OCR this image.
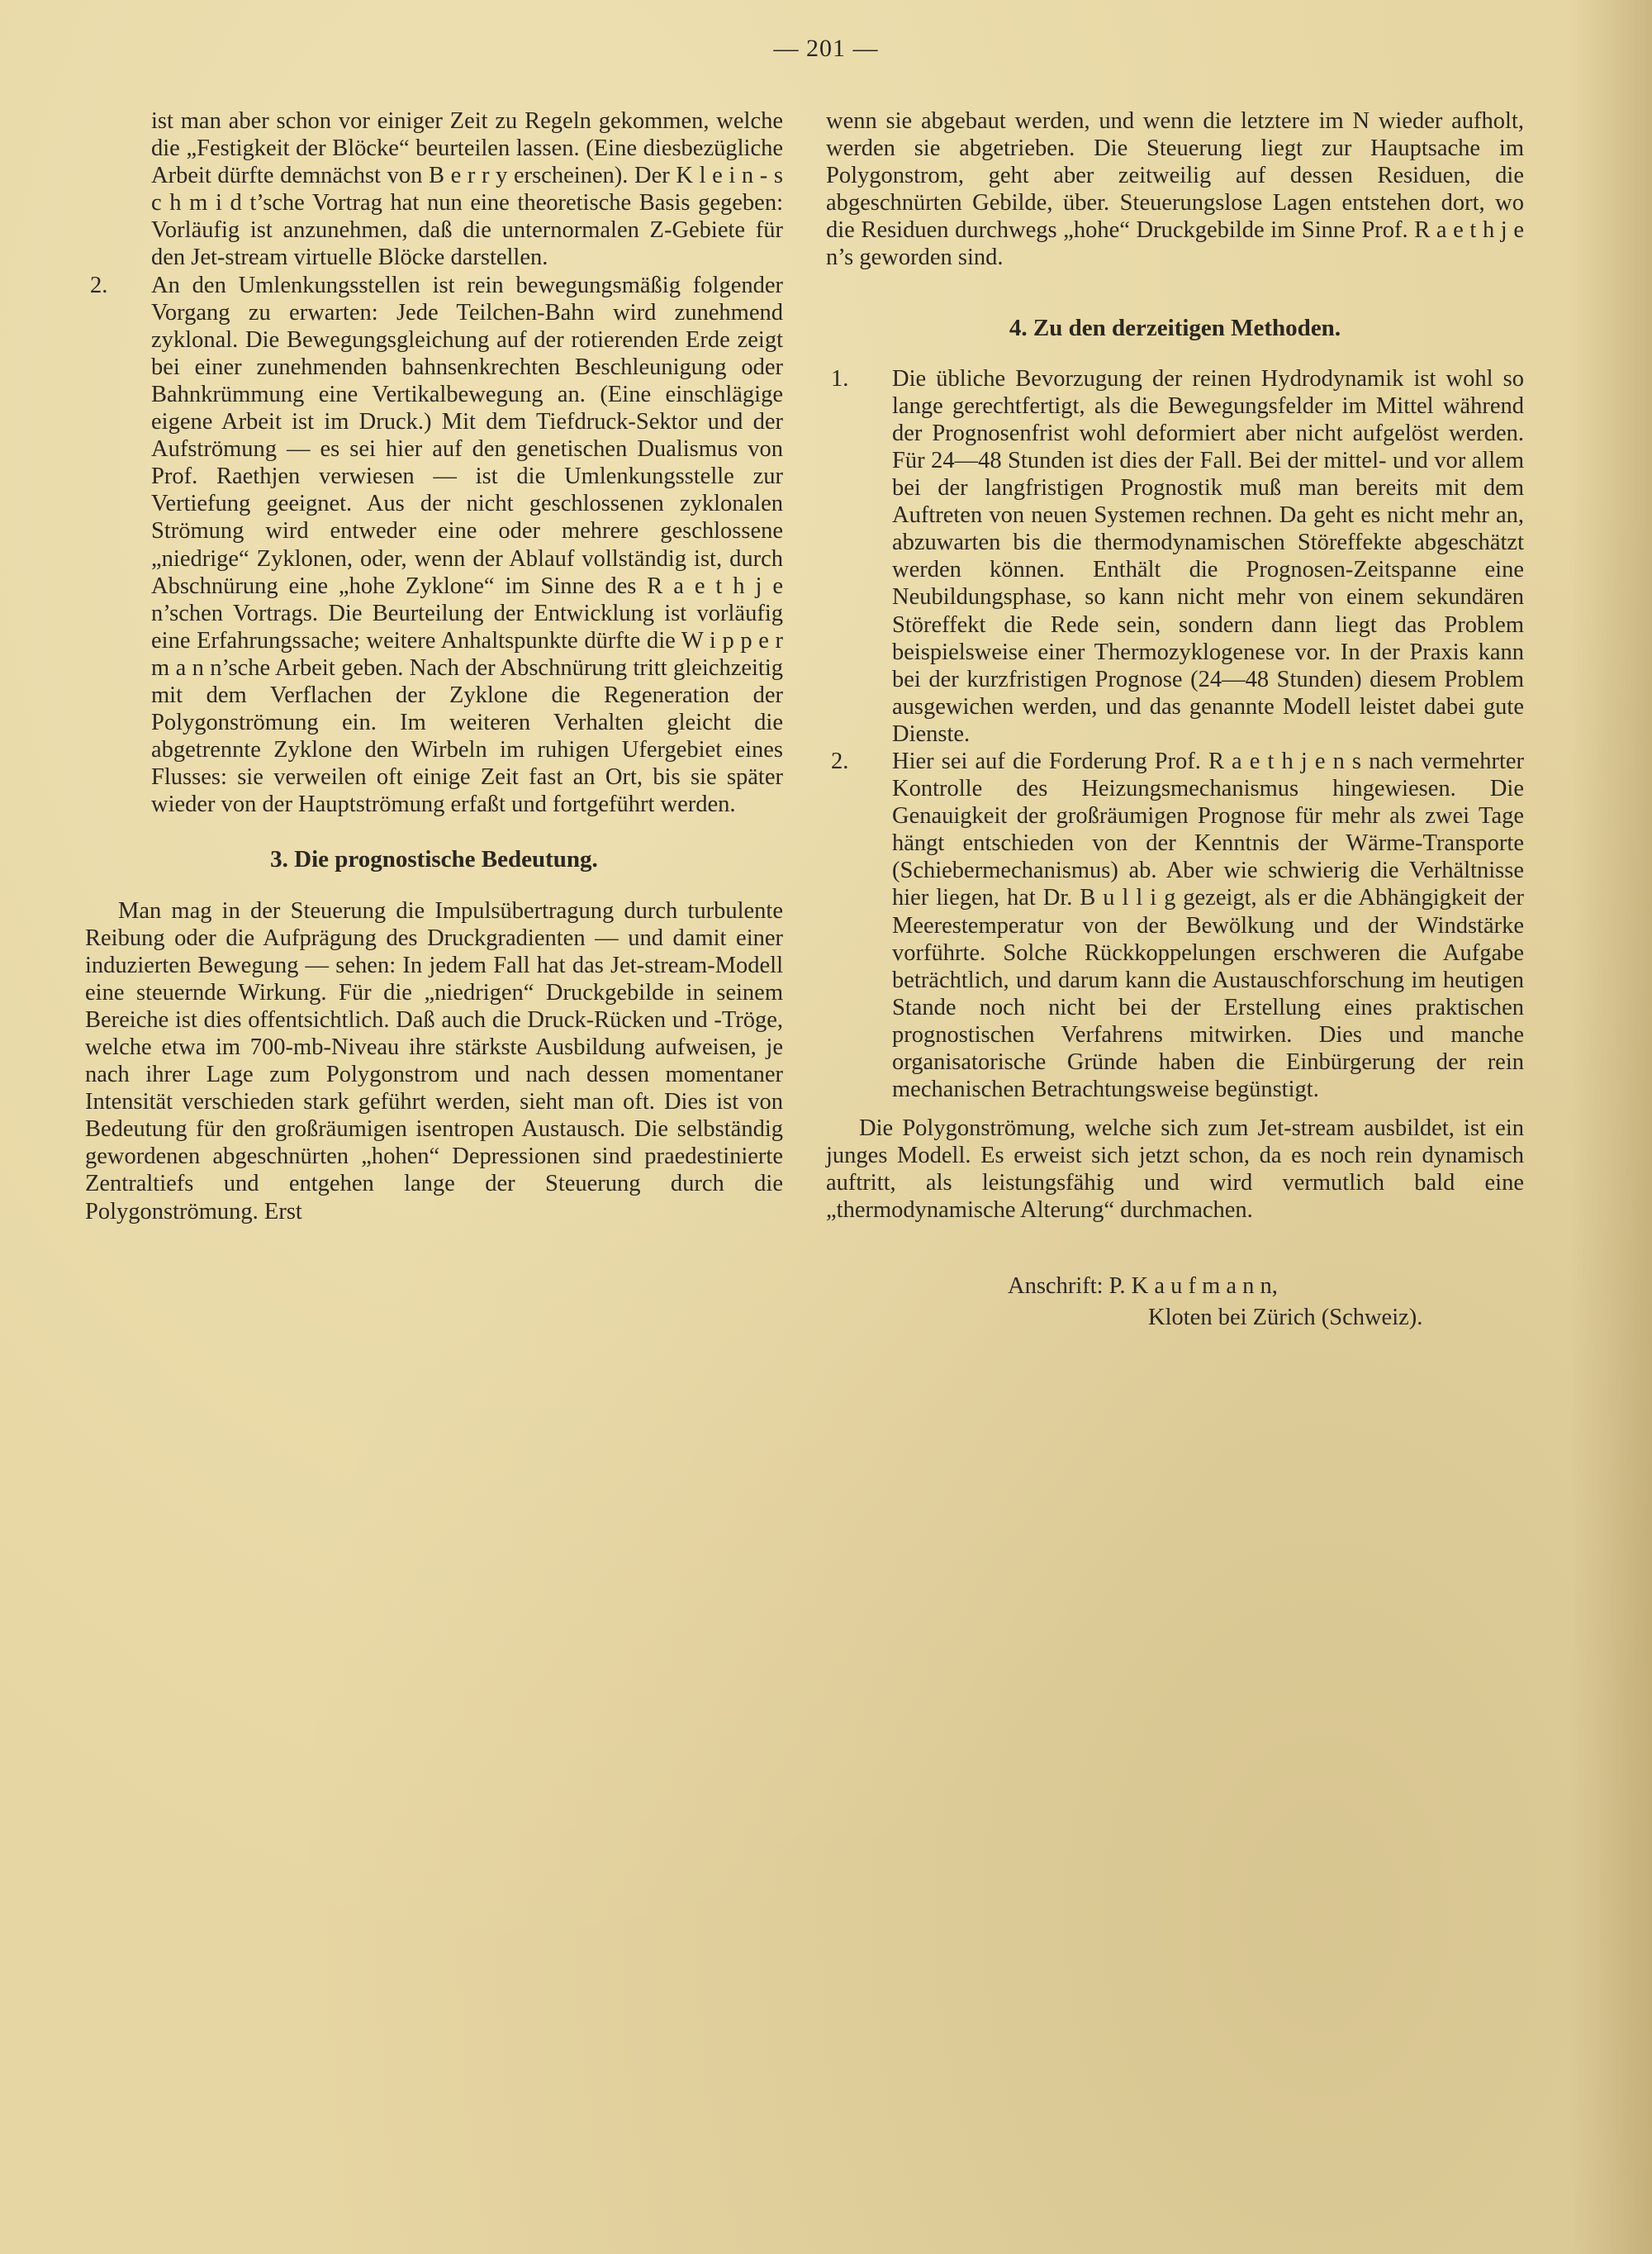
— 201 —

ist man aber schon vor einiger Zeit zu Regeln gekommen, welche die „Festigkeit der Blöcke“ beurteilen lassen. (Eine diesbezügliche Arbeit dürfte demnächst von B e r r y erscheinen). Der K l e i n - s c h m i d t’sche Vortrag hat nun eine theoretische Basis gegeben: Vorläufig ist anzunehmen, daß die unternormalen Z-Gebiete für den Jet-stream virtuelle Blöcke darstellen.

2. An den Umlenkungsstellen ist rein bewegungsmäßig folgender Vorgang zu erwarten: Jede Teilchen-Bahn wird zunehmend zyklonal. Die Bewegungsgleichung auf der rotierenden Erde zeigt bei einer zunehmenden bahnsenkrechten Beschleunigung oder Bahnkrümmung eine Vertikalbewegung an. (Eine einschlägige eigene Arbeit ist im Druck.) Mit dem Tiefdruck-Sektor und der Aufströmung — es sei hier auf den genetischen Dualismus von Prof. Raethjen verwiesen — ist die Umlenkungsstelle zur Vertiefung geeignet. Aus der nicht geschlossenen zyklonalen Strömung wird entweder eine oder mehrere geschlossene „niedrige“ Zyklonen, oder, wenn der Ablauf vollständig ist, durch Abschnürung eine „hohe Zyklone“ im Sinne des R a e t h j e n’schen Vortrags. Die Beurteilung der Entwicklung ist vorläufig eine Erfahrungssache; weitere Anhaltspunkte dürfte die W i p p e r m a n n’sche Arbeit geben. Nach der Abschnürung tritt gleichzeitig mit dem Verflachen der Zyklone die Regeneration der Polygonströmung ein. Im weiteren Verhalten gleicht die abgetrennte Zyklone den Wirbeln im ruhigen Ufergebiet eines Flusses: sie verweilen oft einige Zeit fast an Ort, bis sie später wieder von der Hauptströmung erfaßt und fortgeführt werden.
3. Die prognostische Bedeutung.

Man mag in der Steuerung die Impulsübertragung durch turbulente Reibung oder die Aufprägung des Druckgradienten — und damit einer induzierten Bewegung — sehen: In jedem Fall hat das Jet-stream-Modell eine steuernde Wirkung. Für die „niedrigen“ Druckgebilde in seinem Bereiche ist dies offentsichtlich. Daß auch die Druck-Rücken und -Tröge, welche etwa im 700-mb-Niveau ihre stärkste Ausbildung aufweisen, je nach ihrer Lage zum Polygonstrom und nach dessen momentaner Intensität verschieden stark geführt werden, sieht man oft. Dies ist von Bedeutung für den großräumigen isentropen Austausch. Die selbständig gewordenen abgeschnürten „hohen“ Depressionen sind praedestinierte Zentraltiefs und entgehen lange der Steuerung durch die Polygonströmung. Erst

wenn sie abgebaut werden, und wenn die letztere im N wieder aufholt, werden sie abgetrieben. Die Steuerung liegt zur Hauptsache im Polygonstrom, geht aber zeitweilig auf dessen Residuen, die abgeschnürten Gebilde, über. Steuerungslose Lagen entstehen dort, wo die Residuen durchwegs „hohe“ Druckgebilde im Sinne Prof. R a e t h j e n’s geworden sind.

4. Zu den derzeitigen Methoden.
1. Die übliche Bevorzugung der reinen Hydrodynamik ist wohl so lange gerechtfertigt, als die Bewegungsfelder im Mittel während der Prognosenfrist wohl deformiert aber nicht aufgelöst werden. Für 24—48 Stunden ist dies der Fall. Bei der mittel- und vor allem bei der langfristigen Prognostik muß man bereits mit dem Auftreten von neuen Systemen rechnen. Da geht es nicht mehr an, abzuwarten bis die thermodynamischen Störeffekte abgeschätzt werden können. Enthält die Prognosen-Zeitspanne eine Neubildungsphase, so kann nicht mehr von einem sekundären Störeffekt die Rede sein, sondern dann liegt das Problem beispielsweise einer Thermozyklogenese vor. In der Praxis kann bei der kurzfristigen Prognose (24—48 Stunden) diesem Problem ausgewichen werden, und das genannte Modell leistet dabei gute Dienste.
2. Hier sei auf die Forderung Prof. R a e t h j e n s nach vermehrter Kontrolle des Heizungsmechanismus hingewiesen. Die Genauigkeit der großräumigen Prognose für mehr als zwei Tage hängt entschieden von der Kenntnis der Wärme-Transporte (Schiebermechanismus) ab. Aber wie schwierig die Verhältnisse hier liegen, hat Dr. B u l l i g gezeigt, als er die Abhängigkeit der Meerestemperatur von der Bewölkung und der Windstärke vorführte. Solche Rückkoppelungen erschweren die Aufgabe beträchtlich, und darum kann die Austauschforschung im heutigen Stande noch nicht bei der Erstellung eines praktischen prognostischen Verfahrens mitwirken. Dies und manche organisatorische Gründe haben die Einbürgerung der rein mechanischen Betrachtungsweise begünstigt.

Die Polygonströmung, welche sich zum Jet-stream ausbildet, ist ein junges Modell. Es erweist sich jetzt schon, da es noch rein dynamisch auftritt, als leistungsfähig und wird vermutlich bald eine „thermodynamische Alterung“ durchmachen.

Anschrift: P. K a u f m a n n,
Kloten bei Zürich (Schweiz).
